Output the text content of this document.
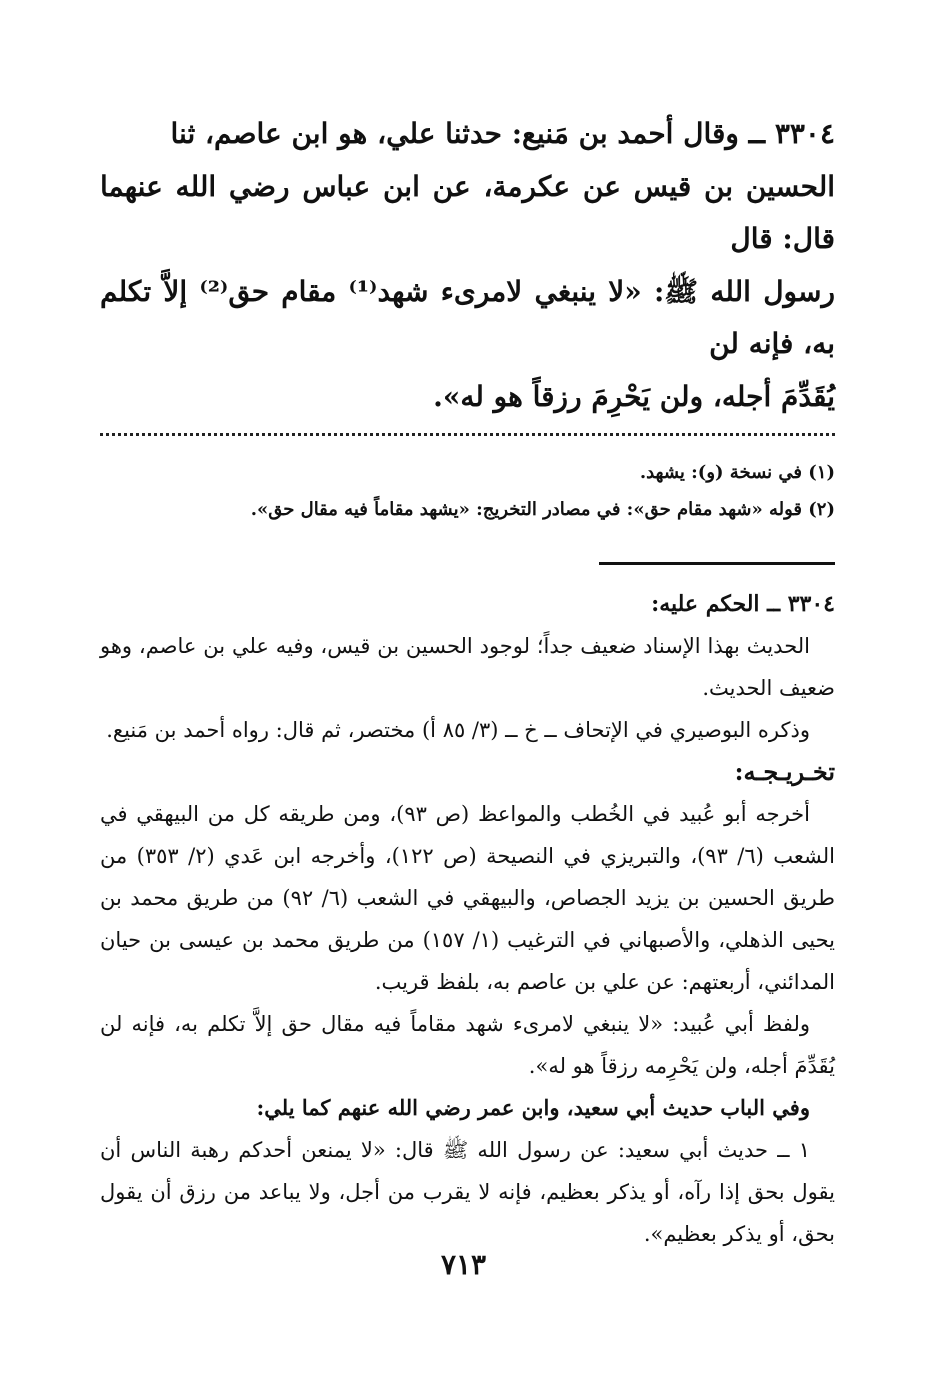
٣٣٠٤ ــ وقال أحمد بن مَنيع: حدثنا علي، هو ابن عاصم، ثنا

الحسين بن قيس عن عكرمة، عن ابن عباس رضي الله عنهما قال: قال

رسول الله ﷺ: «لا ينبغي لامرىء شهد⁽¹⁾ مقام حق⁽²⁾ إلاَّ تكلم به، فإنه لن

يُقَدِّمَ أجله، ولن يَحْرِمَ رزقاً هو له».

(١) في نسخة (و): يشهد.

(٢) قوله «شهد مقام حق»: في مصادر التخريج: «يشهد مقاماً فيه مقال حق».

٣٣٠٤ ــ الحكم عليه:

الحديث بهذا الإسناد ضعيف جداً؛ لوجود الحسين بن قيس، وفيه علي بن عاصم، وهو ضعيف الحديث.

وذكره البوصيري في الإتحاف ــ خ ــ (٣/ ٨٥ أ) مختصر، ثم قال: رواه أحمد بن مَنيع.

تخـريـجـه:

أخرجه أبو عُبيد في الخُطب والمواعظ (ص ٩٣)، ومن طريقه كل من البيهقي في الشعب (٦/ ٩٣)، والتبريزي في النصيحة (ص ١٢٢)، وأخرجه ابن عَدي (٢/ ٣٥٣) من طريق الحسين بن يزيد الجصاص، والبيهقي في الشعب (٦/ ٩٢) من طريق محمد بن يحيى الذهلي، والأصبهاني في الترغيب (١/ ١٥٧) من طريق محمد بن عيسى بن حيان المدائني، أربعتهم: عن علي بن عاصم به، بلفظ قريب.

ولفظ أبي عُبيد: «لا ينبغي لامرىء شهد مقاماً فيه مقال حق إلاَّ تكلم به، فإنه لن يُقَدِّمَ أجله، ولن يَحْرِمه رزقاً هو له».

وفي الباب حديث أبي سعيد، وابن عمر رضي الله عنهم كما يلي:

١ ــ حديث أبي سعيد: عن رسول الله ﷺ قال: «لا يمنعن أحدكم رهبة الناس أن يقول بحق إذا رآه، أو يذكر بعظيم، فإنه لا يقرب من أجل، ولا يباعد من رزق أن يقول بحق، أو يذكر بعظيم».

٧١٣
